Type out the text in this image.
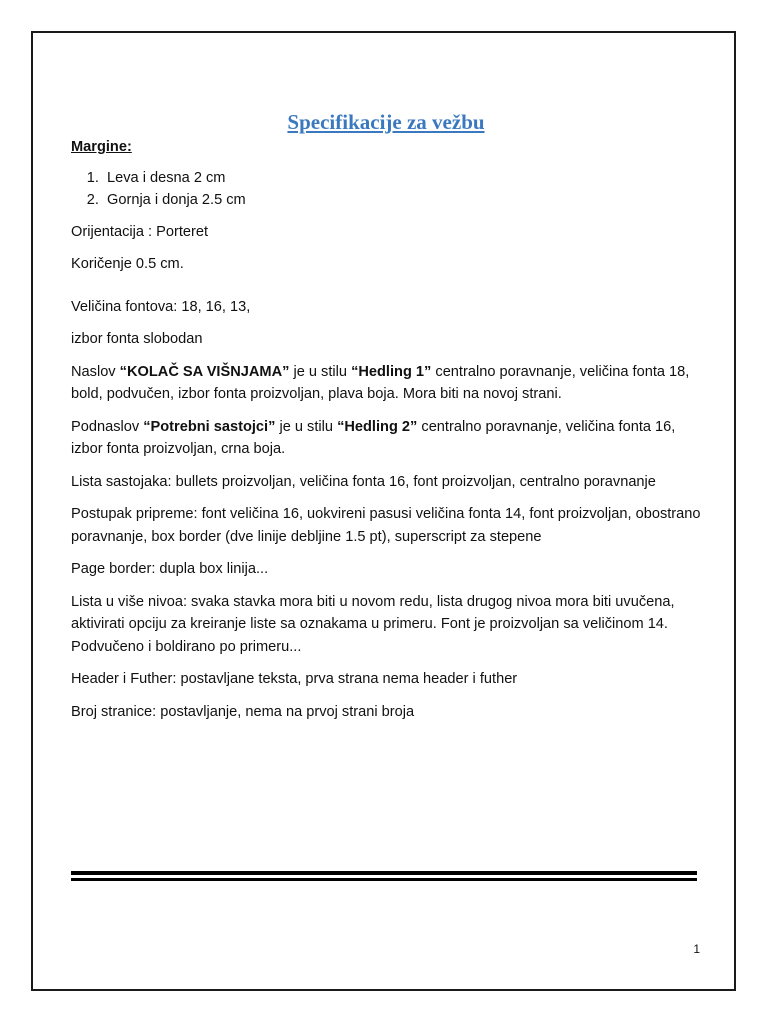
Specifikacije za vežbu
Margine:
1. Leva i desna 2 cm
2. Gornja i donja 2.5 cm

Orijentacija : Porteret

Koričenje 0.5 cm.

Veličina fontova: 18, 16, 13,

izbor fonta slobodan

Naslov “KOLAČ SA VIŠNJAMA” je u stilu “Hedling 1” centralno poravnanje, veličina fonta 18, bold, podvučen, izbor fonta proizvoljan, plava boja. Mora biti na novoj strani.

Podnaslov “Potrebni sastojci” je u stilu “Hedling 2” centralno poravnanje, veličina fonta 16, izbor fonta proizvoljan, crna boja.

Lista sastojaka: bullets proizvoljan, veličina fonta 16, font proizvoljan, centralno poravnanje

Postupak pripreme: font veličina 16, uokvireni pasusi veličina fonta 14, font proizvoljan, obostrano poravnanje, box border (dve linije debljine 1.5 pt), superscript za stepene

Page border: dupla box linija...

Lista u više nivoa: svaka stavka mora biti u novom redu, lista drugog nivoa mora biti uvučena, aktivirati opciju za kreiranje liste sa oznakama u primeru. Font je proizvoljan sa veličinom 14. Podvučeno i boldirano po primeru...

Header i Futher: postavljane teksta, prva strana nema header i futher

Broj stranice: postavljanje, nema na prvoj strani broja

1
